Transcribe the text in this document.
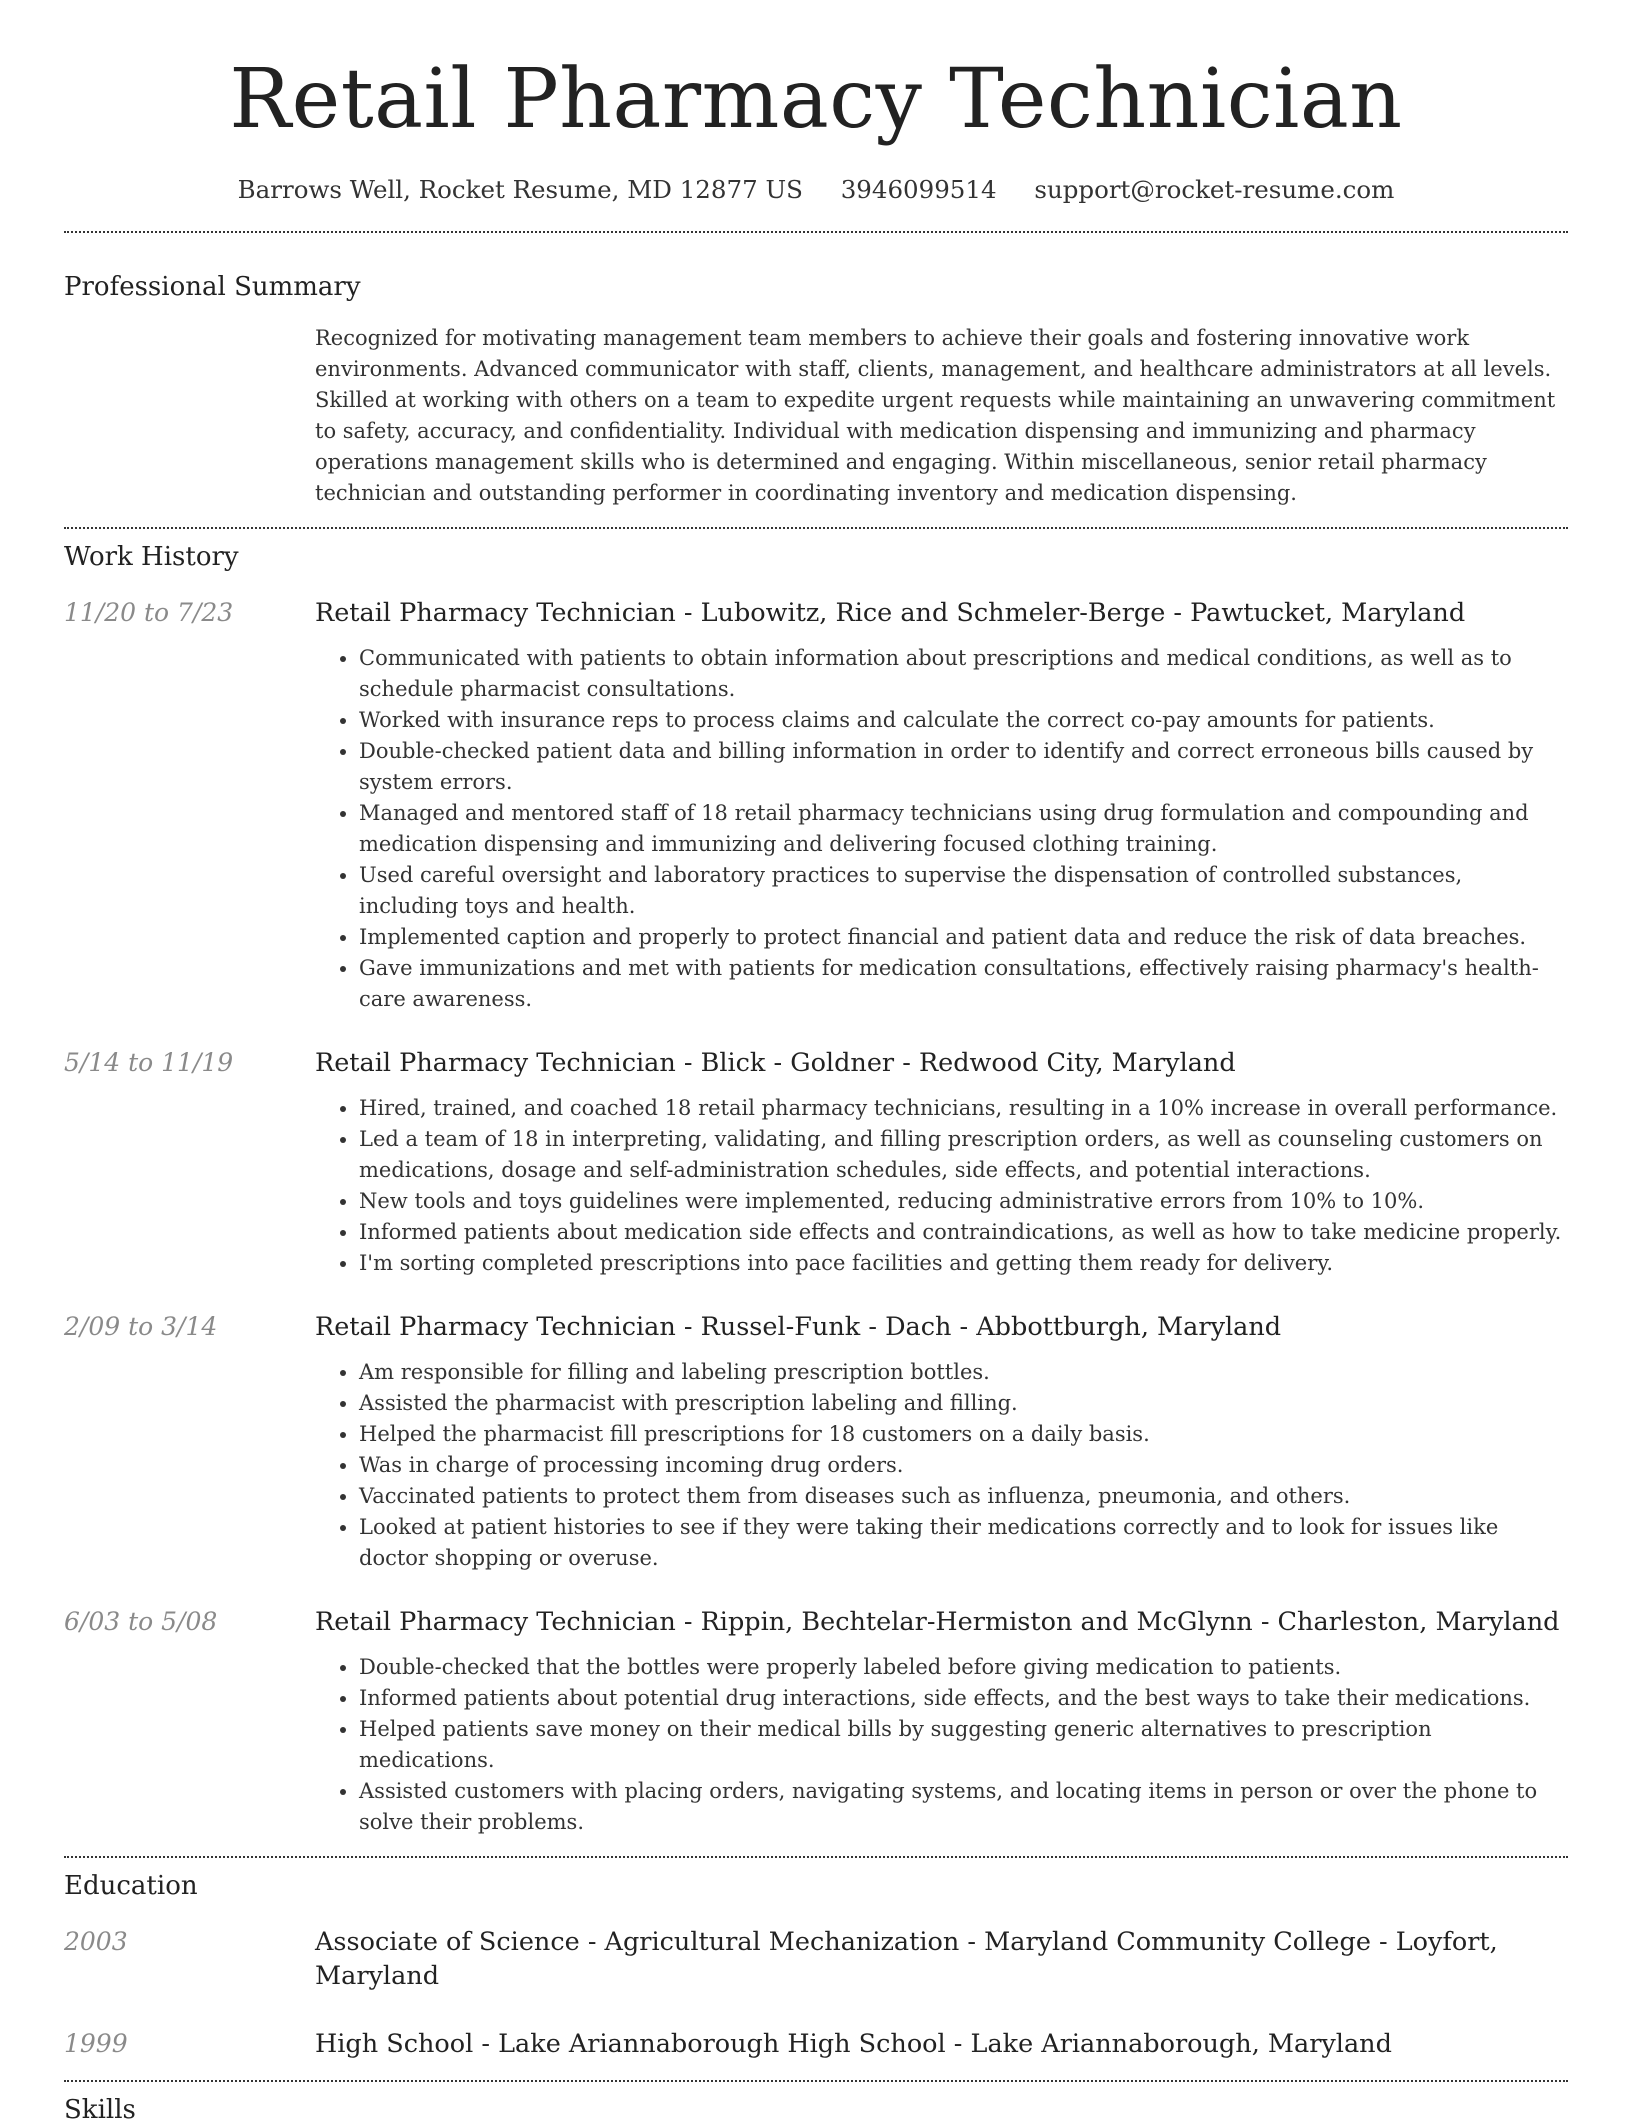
Retail Pharmacy Technician
Barrows Well, Rocket Resume, MD 12877 US 3946099514 support@rocket-resume.com
Professional Summary
Recognized for motivating management team members to achieve their goals and fostering innovative work environments. Advanced communicator with staff, clients, management, and healthcare administrators at all levels. Skilled at working with others on a team to expedite urgent requests while maintaining an unwavering commitment to safety, accuracy, and confidentiality. Individual with medication dispensing and immunizing and pharmacy operations management skills who is determined and engaging. Within miscellaneous, senior retail pharmacy technician and outstanding performer in coordinating inventory and medication dispensing.
Work History
11/20 to 7/23	Retail Pharmacy Technician - Lubowitz, Rice and Schmeler-Berge - Pawtucket, Maryland
• Communicated with patients to obtain information about prescriptions and medical conditions, as well as to schedule pharmacist consultations.
• Worked with insurance reps to process claims and calculate the correct co-pay amounts for patients.
• Double-checked patient data and billing information in order to identify and correct erroneous bills caused by system errors.
• Managed and mentored staff of 18 retail pharmacy technicians using drug formulation and compounding and medication dispensing and immunizing and delivering focused clothing training.
• Used careful oversight and laboratory practices to supervise the dispensation of controlled substances, including toys and health.
• Implemented caption and properly to protect financial and patient data and reduce the risk of data breaches.
• Gave immunizations and met with patients for medication consultations, effectively raising pharmacy's health-care awareness.
5/14 to 11/19	Retail Pharmacy Technician - Blick - Goldner - Redwood City, Maryland
• Hired, trained, and coached 18 retail pharmacy technicians, resulting in a 10% increase in overall performance.
• Led a team of 18 in interpreting, validating, and filling prescription orders, as well as counseling customers on medications, dosage and self-administration schedules, side effects, and potential interactions.
• New tools and toys guidelines were implemented, reducing administrative errors from 10% to 10%.
• Informed patients about medication side effects and contraindications, as well as how to take medicine properly.
• I'm sorting completed prescriptions into pace facilities and getting them ready for delivery.
2/09 to 3/14	Retail Pharmacy Technician - Russel-Funk - Dach - Abbottburgh, Maryland
• Am responsible for filling and labeling prescription bottles.
• Assisted the pharmacist with prescription labeling and filling.
• Helped the pharmacist fill prescriptions for 18 customers on a daily basis.
• Was in charge of processing incoming drug orders.
• Vaccinated patients to protect them from diseases such as influenza, pneumonia, and others.
• Looked at patient histories to see if they were taking their medications correctly and to look for issues like doctor shopping or overuse.
6/03 to 5/08	Retail Pharmacy Technician - Rippin, Bechtelar-Hermiston and McGlynn - Charleston, Maryland
• Double-checked that the bottles were properly labeled before giving medication to patients.
• Informed patients about potential drug interactions, side effects, and the best ways to take their medications.
• Helped patients save money on their medical bills by suggesting generic alternatives to prescription medications.
• Assisted customers with placing orders, navigating systems, and locating items in person or over the phone to solve their problems.
Education
2003	Associate of Science - Agricultural Mechanization - Maryland Community College - Loyfort, Maryland
1999	High School - Lake Ariannaborough High School - Lake Ariannaborough, Maryland
Skills
